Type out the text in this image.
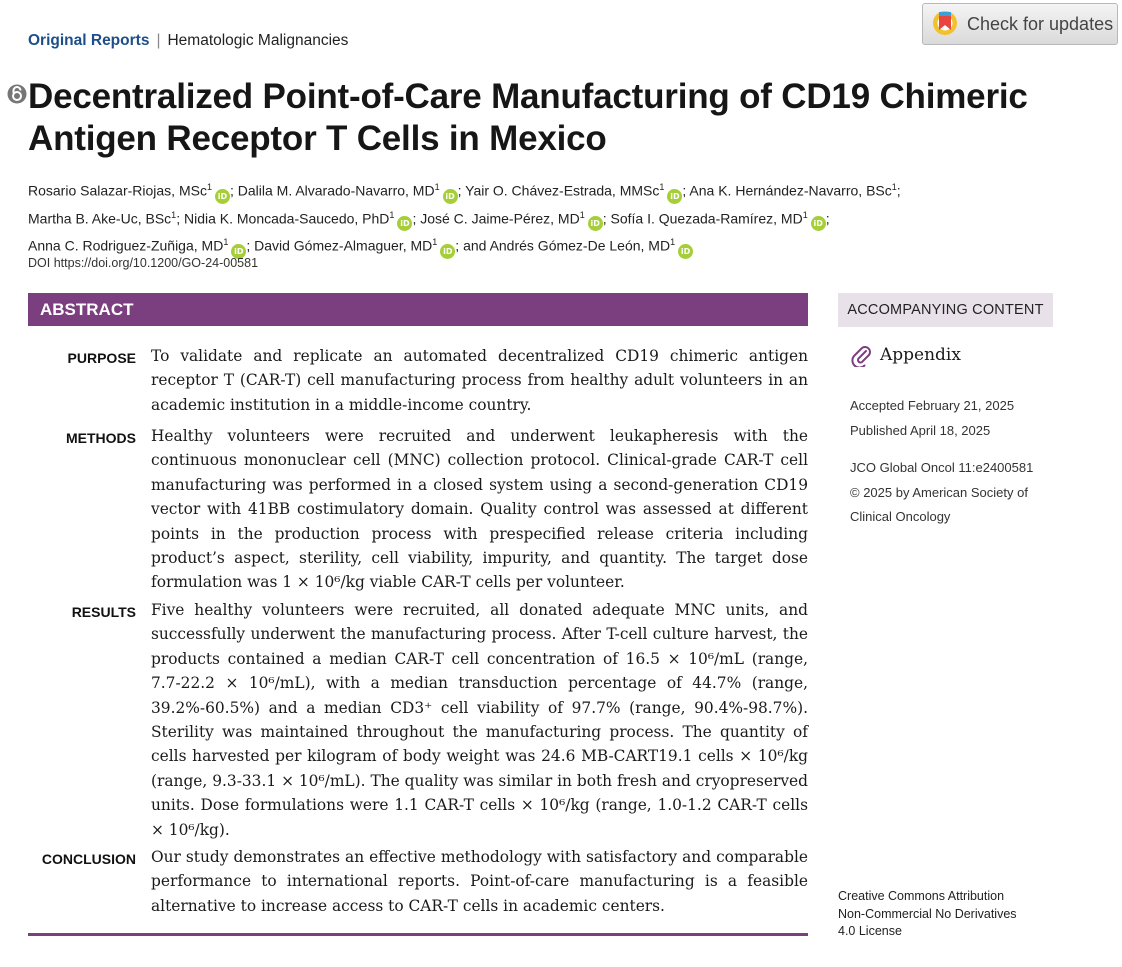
Original Reports | Hematologic Malignancies
Check for updates
Decentralized Point-of-Care Manufacturing of CD19 Chimeric Antigen Receptor T Cells in Mexico
Rosario Salazar-Riojas, MSc$^1$iD ; Dalila M. Alvarado-Navarro, $MD^1iD$ ; Yair O. Chávez-Estrada, MMSc$^1$iD ; Ana K. Hernández-Navarro, BSc$^1$;
Martha B. Ake-Uc, BSc$^1$; Nidia K. Moncada-Saucedo, PhD$^1$iD ; José C. Jaime-Pérez, $MD^1iD$ ; Sofía I. Quezada-Ramírez, $MD^1iD$ ;
Anna C. Rodriguez-Zuñiga, $MD^1iD$ ; David Gómez-Almaguer, $MD^1iD$ ; and Andrés Gómez-De León, $MD^1iD$
DOI https://doi.org/10.1200/GO-24-00581
ABSTRACT
PURPOSE To validate and replicate an automated decentralized CD19 chimeric antigen receptor T (CAR-T) cell manufacturing process from healthy adult volunteers in an academic institution in a middle-income country.

METHODS Healthy volunteers were recruited and underwent leukapheresis with the continuous mononuclear cell (MNC) collection protocol. Clinical-grade CAR-T cell manufacturing was performed in a closed system using a second-generation CD19 vector with 41BB costimulatory domain. Quality control was assessed at different points in the production process with prespecified release criteria including product’s aspect, sterility, cell viability, impurity, and quantity. The target dose formulation was 1 × 10⁶/kg viable CAR-T cells per volunteer.

RESULTS Five healthy volunteers were recruited, all donated adequate MNC units, and successfully underwent the manufacturing process. After T-cell culture harvest, the products contained a median CAR-T cell concentration of 16.5 × 10⁶/mL (range, 7.7-22.2 × 10⁶/mL), with a median transduction percentage of 44.7% (range, 39.2%-60.5%) and a median CD3⁺ cell viability of 97.7% (range, 90.4%-98.7%). Sterility was maintained throughout the manufacturing process. The quantity of cells harvested per kilogram of body weight was 24.6 MB-CART19.1 cells × 10⁶/kg (range, 9.3-33.1 × 10⁶/mL). The quality was similar in both fresh and cryopreserved units. Dose formulations were 1.1 CAR-T cells × 10⁶/kg (range, 1.0-1.2 CAR-T cells × 10⁶/kg).

CONCLUSION Our study demonstrates an effective methodology with satisfactory and comparable performance to international reports. Point-of-care manufacturing is a feasible alternative to increase access to CAR-T cells in academic centers.

ACCOMPANYING CONTENT
Appendix
Accepted February 21, 2025
Published April 18, 2025
JCO Global Oncol 11:e2400581
© 2025 by American Society of
Clinical Oncology
Creative Commons Attribution
Non-Commercial No Derivatives
4.0 License
